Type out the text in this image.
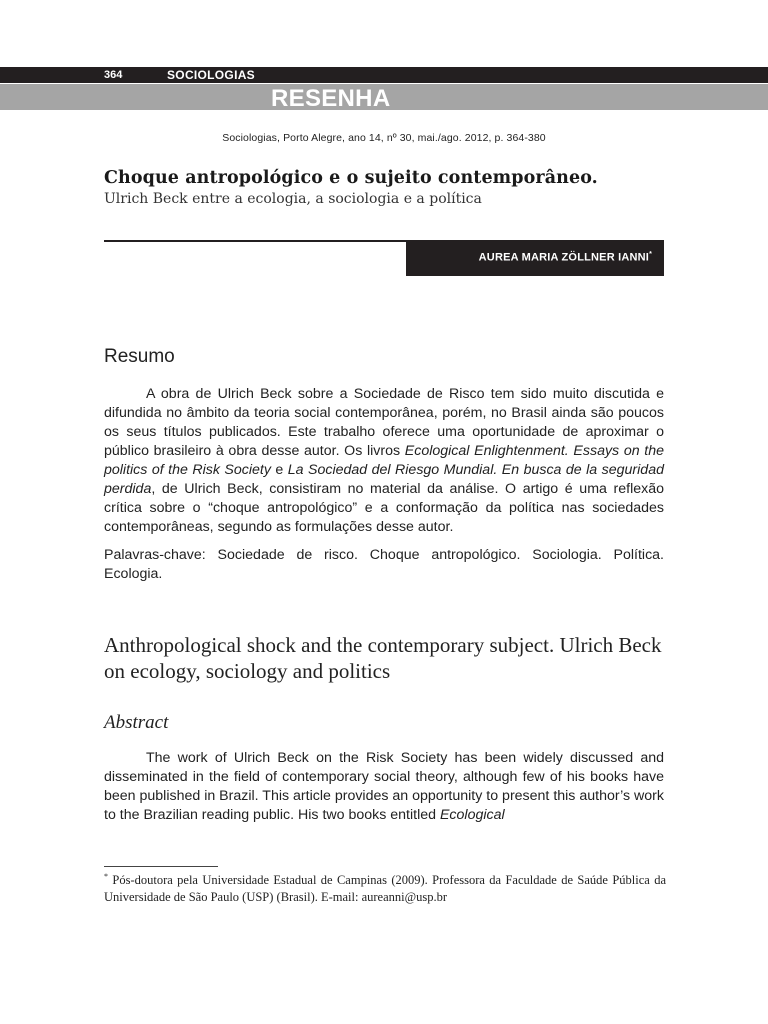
364	SOCIOLOGIAS
RESENHA
Sociologias, Porto Alegre, ano 14, nº 30, mai./ago. 2012, p. 364-380
Choque antropológico e o sujeito contemporâneo.
Ulrich Beck entre a ecologia, a sociologia e a política
AUREA MARIA ZÖLLNER IANNI*
Resumo
A obra de Ulrich Beck sobre a Sociedade de Risco tem sido muito discutida e difundida no âmbito da teoria social contemporânea, porém, no Brasil ainda são poucos os seus títulos publicados. Este trabalho oferece uma oportunidade de aproximar o público brasileiro à obra desse autor. Os livros Ecological Enlightenment. Essays on the politics of the Risk Society e La Sociedad del Riesgo Mundial. En busca de la seguridad perdida, de Ulrich Beck, consistiram no material da análise. O artigo é uma reflexão crítica sobre o “choque antropológico” e a conformação da política nas sociedades contemporâneas, segundo as formulações desse autor.
Palavras-chave: Sociedade de risco. Choque antropológico. Sociologia. Política. Ecologia.
Anthropological shock and the contemporary subject. Ulrich Beck on ecology, sociology and politics
Abstract
The work of Ulrich Beck on the Risk Society has been widely discussed and disseminated in the field of contemporary social theory, although few of his books have been published in Brazil. This article provides an opportunity to present this author’s work to the Brazilian reading public. His two books entitled Ecological
* Pós-doutora pela Universidade Estadual de Campinas (2009). Professora da Faculdade de Saúde Pública da Universidade de São Paulo (USP) (Brasil). E-mail: aureanni@usp.br
